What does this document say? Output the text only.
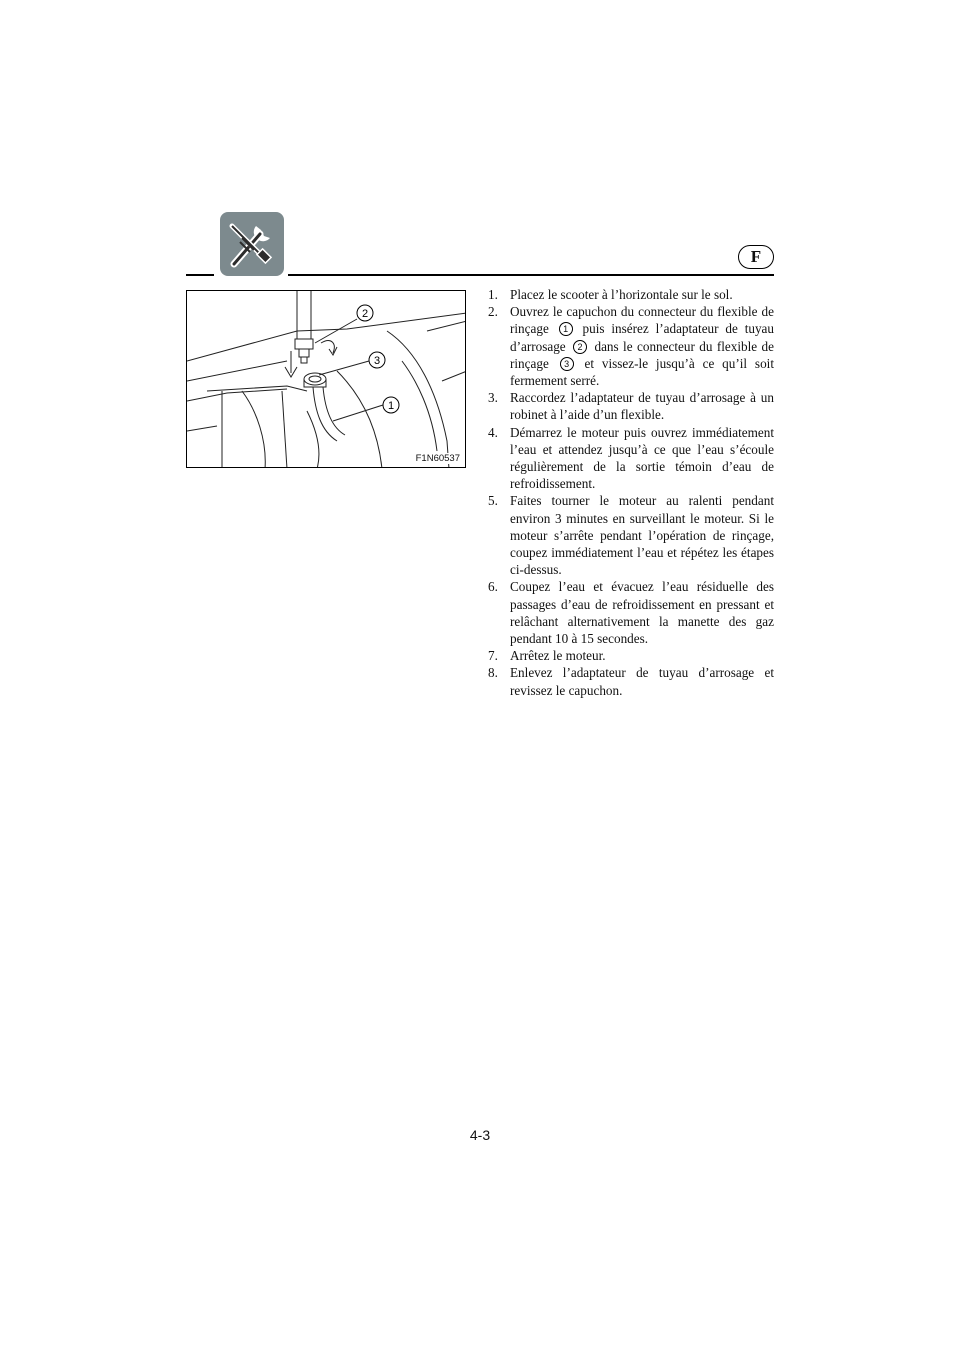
F
2
3
1
F1N60537
1. Placez le scooter à l’horizontale sur le sol.
2. Ouvrez le capuchon du connecteur du flexible de rinçage 1 puis insérez l’adaptateur de tuyau d’arrosage 2 dans le connecteur du flexible de rinçage 3 et vissez-le jusqu’à ce qu’il soit fermement serré.
3. Raccordez l’adaptateur de tuyau d’arrosage à un robinet à l’aide d’un flexible.
4. Démarrez le moteur puis ouvrez immédiatement l’eau et attendez jusqu’à ce que l’eau s’écoule régulièrement de la sortie témoin d’eau de refroidissement.
5. Faites tourner le moteur au ralenti pendant environ 3 minutes en surveillant le moteur. Si le moteur s’arrête pendant l’opération de rinçage, coupez immédiatement l’eau et répétez les étapes ci-dessus.
6. Coupez l’eau et évacuez l’eau résiduelle des passages d’eau de refroidissement en pressant et relâchant alternativement la manette des gaz pendant 10 à 15 secondes.
7. Arrêtez le moteur.
8. Enlevez l’adaptateur de tuyau d’arrosage et revissez le capuchon.
4-3
